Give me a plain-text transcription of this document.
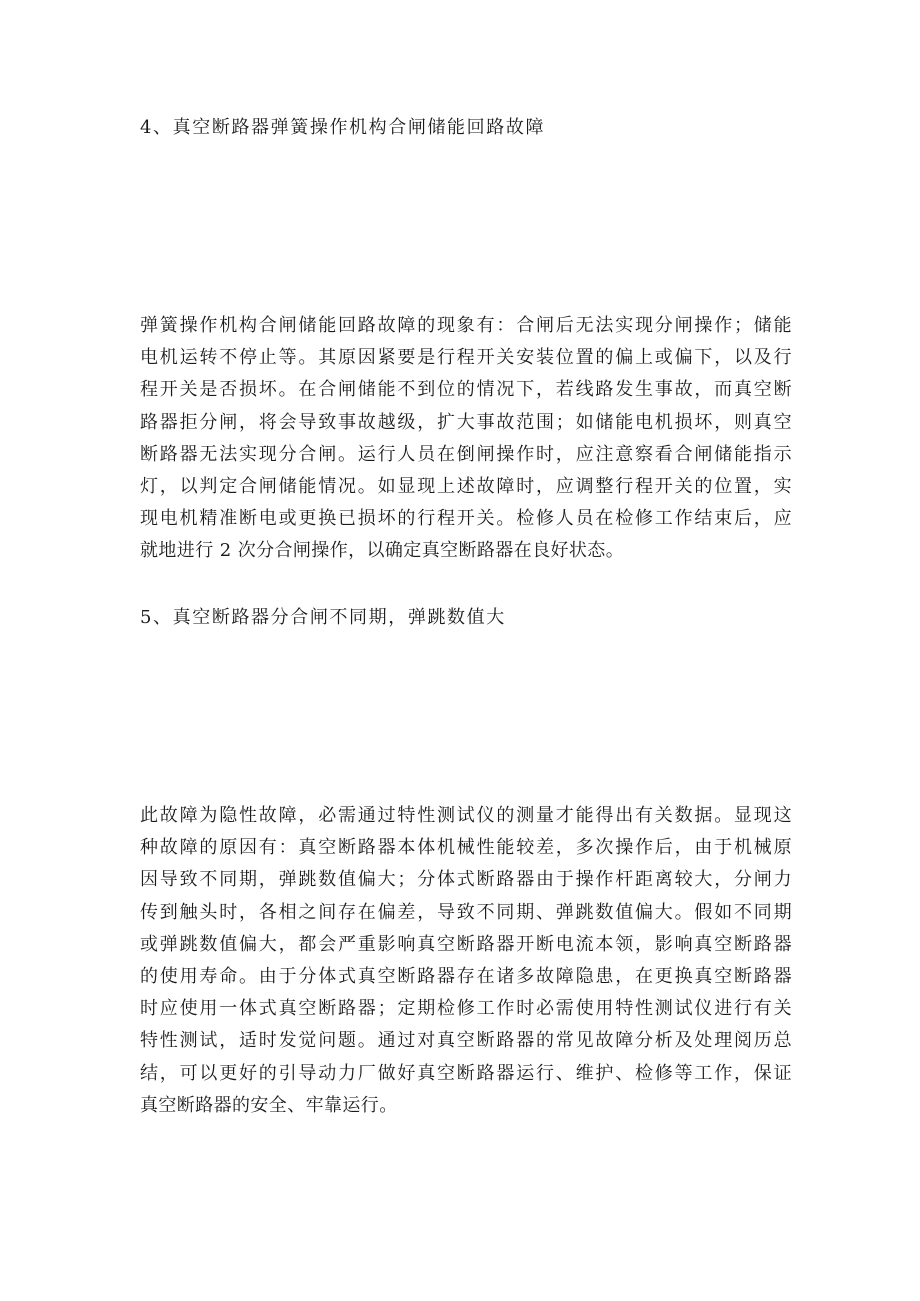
4、真空断路器弹簧操作机构合闸储能回路故障
弹簧操作机构合闸储能回路故障的现象有：合闸后无法实现分闸操作；储能
电机运转不停止等。其原因紧要是行程开关安装位置的偏上或偏下，以及行
程开关是否损坏。在合闸储能不到位的情况下，若线路发生事故，而真空断
路器拒分闸，将会导致事故越级，扩大事故范围；如储能电机损坏，则真空
断路器无法实现分合闸。运行人员在倒闸操作时，应注意察看合闸储能指示
灯，以判定合闸储能情况。如显现上述故障时，应调整行程开关的位置，实
现电机精准断电或更换已损坏的行程开关。检修人员在检修工作结束后，应
就地进行 2 次分合闸操作，以确定真空断路器在良好状态。
5、真空断路器分合闸不同期，弹跳数值大
此故障为隐性故障，必需通过特性测试仪的测量才能得出有关数据。显现这
种故障的原因有：真空断路器本体机械性能较差，多次操作后，由于机械原
因导致不同期，弹跳数值偏大；分体式断路器由于操作杆距离较大，分闸力
传到触头时，各相之间存在偏差，导致不同期、弹跳数值偏大。假如不同期
或弹跳数值偏大，都会严重影响真空断路器开断电流本领，影响真空断路器
的使用寿命。由于分体式真空断路器存在诸多故障隐患，在更换真空断路器
时应使用一体式真空断路器；定期检修工作时必需使用特性测试仪进行有关
特性测试，适时发觉问题。通过对真空断路器的常见故障分析及处理阅历总
结，可以更好的引导动力厂做好真空断路器运行、维护、检修等工作，保证
真空断路器的安全、牢靠运行。
